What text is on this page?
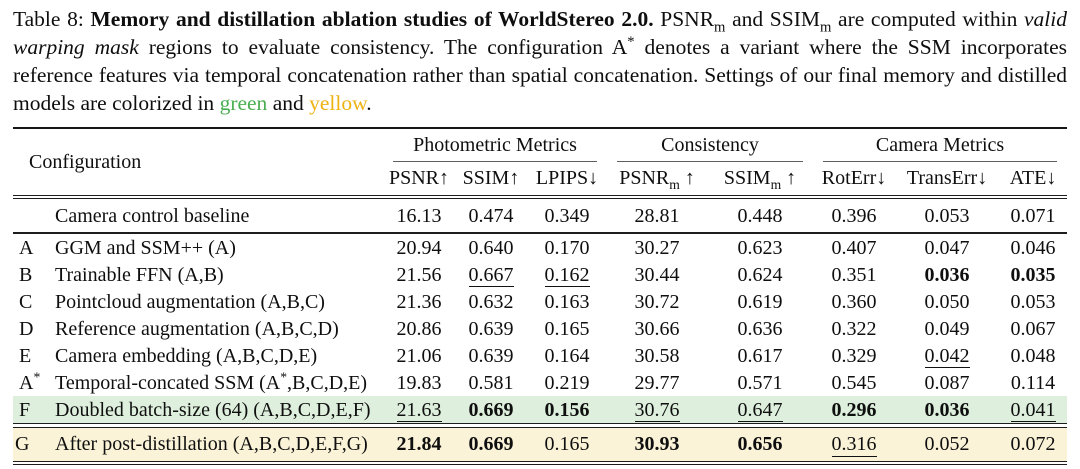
Table 8: Memory and distillation ablation studies of WorldStereo 2.0. $PSNR_m$ and $SSIM_m$ are computed within valid warping mask regions to evaluate consistency. The configuration A* denotes a variant where the SSM incorporates reference features via temporal concatenation rather than spatial concatenation. Settings of our final memory and distilled models are colorized in green and yellow.

Configuration		Photometric Metrics			Consistency		Camera Metrics		

		PSNR↑	SSIM↑	LPIPS↓	$PSNR_m$ ↑	$SSIM_m$ ↑	RotErr↓	TransErr↓	ATE↓

	Camera control baseline	16.13	0.474	0.349	28.81	0.448	0.396	0.053	0.071

A	GGM and SSM++ (A)	20.94	0.640	0.170	30.27	0.623	0.407	0.047	0.046
B	Trainable FFN (A,B)	21.56	0.667	0.162	30.44	0.624	0.351	0.036	0.035
C	Pointcloud augmentation (A,B,C)	21.36	0.632	0.163	30.72	0.619	0.360	0.050	0.053
D	Reference augmentation (A,B,C,D)	20.86	0.639	0.165	30.66	0.636	0.322	0.049	0.067
E	Camera embedding (A,B,C,D,E)	21.06	0.639	0.164	30.58	0.617	0.329	0.042	0.048
A*	Temporal-concated SSM (A*,B,C,D,E)	19.83	0.581	0.219	29.77	0.571	0.545	0.087	0.114
F	Doubled batch-size (64) (A,B,C,D,E,F)	21.63	0.669	0.156	30.76	0.647	0.296	0.036	0.041

G	After post-distillation (A,B,C,D,E,F,G)	21.84	0.669	0.165	30.93	0.656	0.316	0.052	0.072
